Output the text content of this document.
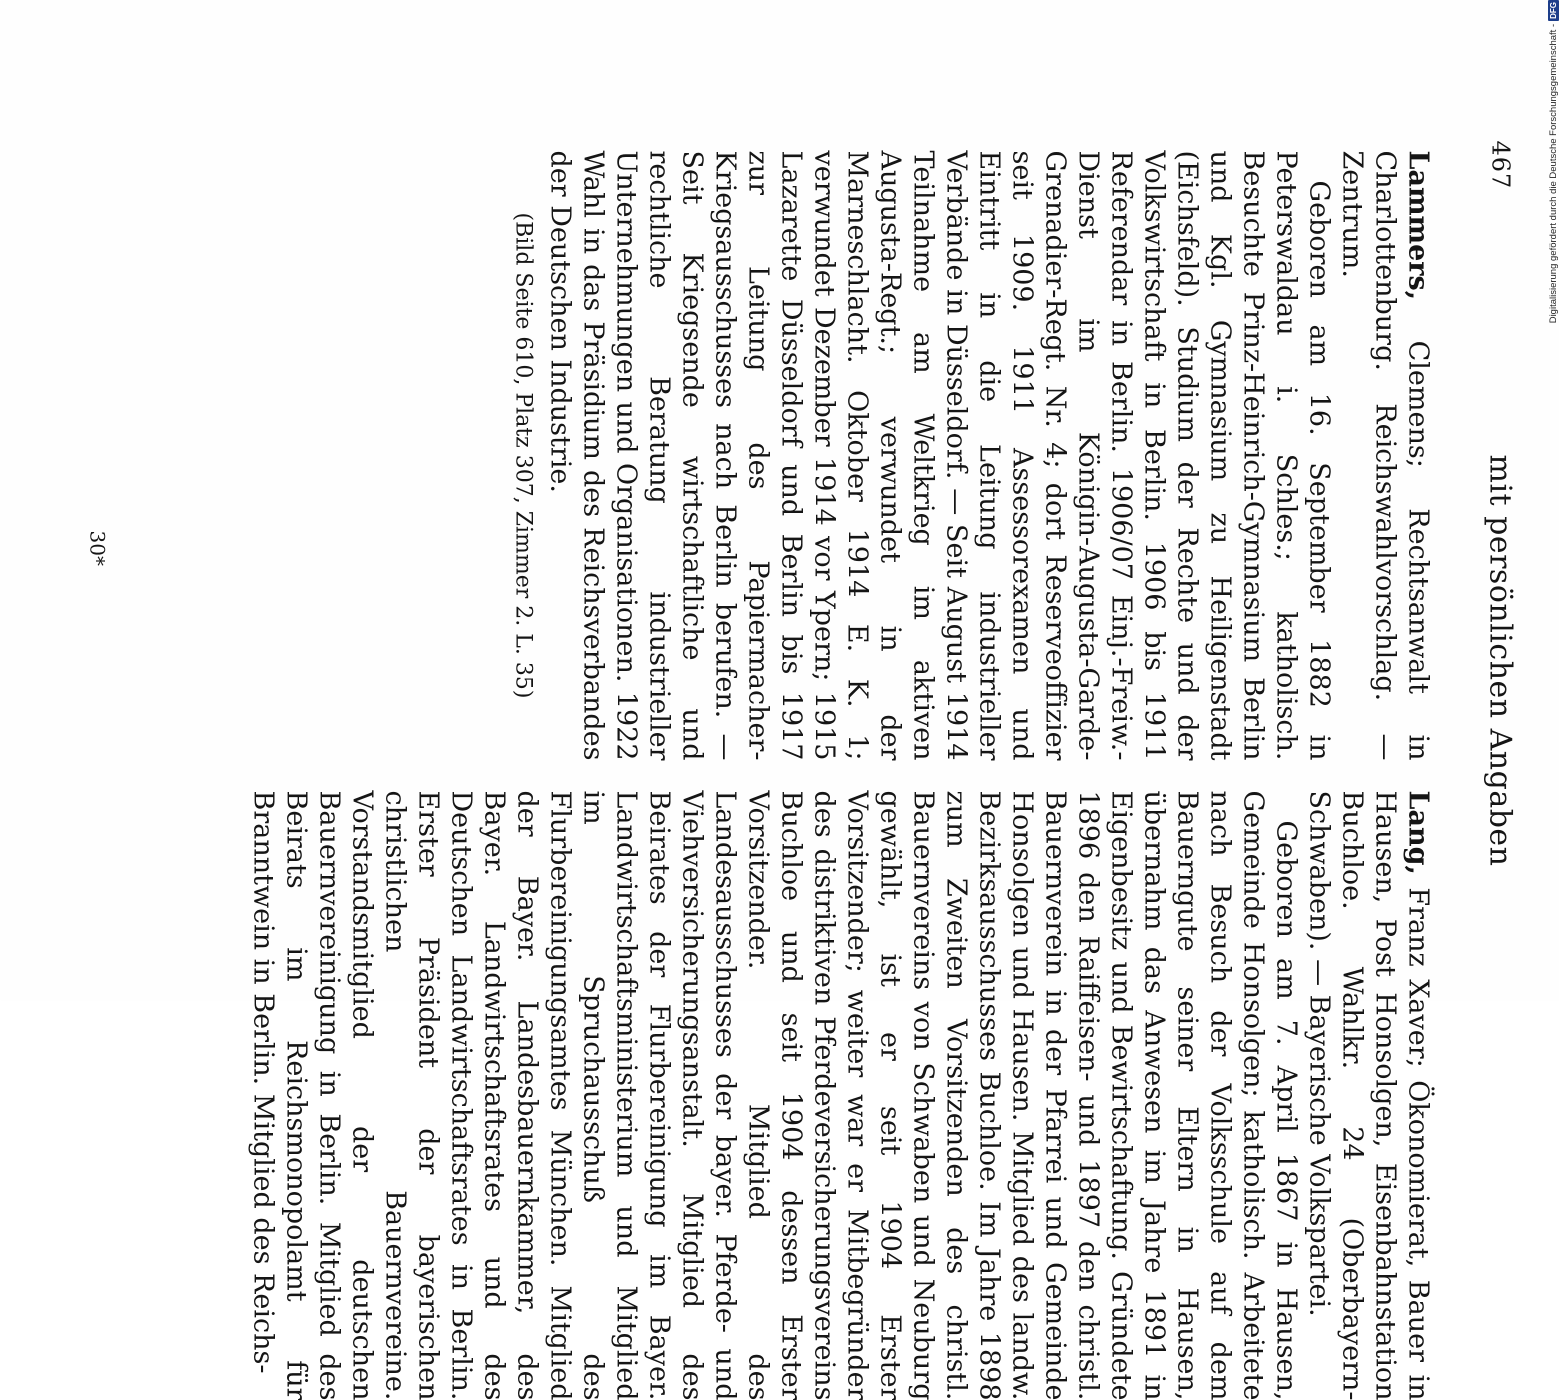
467
mit persönlichen Angaben

Lammers, Clemens; Rechtsanwalt in Charlottenburg. Reichswahlvorschlag. — Zentrum.

Geboren am 16. September 1882 in Peterswaldau i. Schles.; katholisch. Besuchte Prinz-Heinrich-Gymnasium Berlin und Kgl. Gymnasium zu Heiligenstadt (Eichsfeld). Studium der Rechte und der Volkswirtschaft in Berlin. 1906 bis 1911 Referendar in Berlin. 1906/07 Einj.-Freiw.-Dienst im Königin-Augusta-Garde-Grenadier-Regt. Nr. 4; dort Reserveoffizier seit 1909. 1911 Assessorexamen und Eintritt in die Leitung industrieller Verbände in Düsseldorf. — Seit August 1914 Teilnahme am Weltkrieg im aktiven Augusta-Regt.; verwundet in der Marneschlacht. Oktober 1914 E. K. 1; verwundet Dezember 1914 vor Ypern; 1915 Lazarette Düsseldorf und Berlin bis 1917 zur Leitung des Papiermacher-Kriegsausschusses nach Berlin berufen. — Seit Kriegsende wirtschaftliche und rechtliche Beratung industrieller Unternehmungen und Organisationen. 1922 Wahl in das Präsidium des Reichsverbandes der Deutschen Industrie.

(Bild Seite 610, Platz 307, Zimmer 2. L. 35)

Lang, Franz Xaver; Ökonomierat, Bauer in Hausen, Post Honsolgen, Eisenbahnstation Buchloe. Wahlkr. 24 (Oberbayern-Schwaben). — Bayerische Volkspartei.

Geboren am 7. April 1867 in Hausen, Gemeinde Honsolgen; katholisch. Arbeitete nach Besuch der Volksschule auf dem Bauerngute seiner Eltern in Hausen, übernahm das Anwesen im Jahre 1891 in Eigenbesitz und Bewirtschaftung. Gründete 1896 den Raiffeisen- und 1897 den christl. Bauernverein in der Pfarrei und Gemeinde Honsolgen und Hausen. Mitglied des landw. Bezirksausschusses Buchloe. Im Jahre 1898 zum Zweiten Vorsitzenden des christl. Bauernvereins von Schwaben und Neuburg gewählt, ist er seit 1904 Erster Vorsitzender; weiter war er Mitbegründer des distriktiven Pferdeversicherungsvereins Buchloe und seit 1904 dessen Erster Vorsitzender. Mitglied des Landesausschusses der bayer. Pferde- und Viehversicherungsanstalt. Mitglied des Beirates der Flurbereinigung im Bayer. Landwirtschaftsministerium und Mitglied im Spruchausschuß des Flurbereinigungsamtes München. Mitglied der Bayer. Landesbauernkammer, des Bayer. Landwirtschaftsrates und des Deutschen Landwirtschaftsrates in Berlin. Erster Präsident der bayerischen christlichen Bauernvereine. Vorstandsmitglied der deutschen Bauernvereinigung in Berlin. Mitglied des Beirats im Reichsmonopolamt für Branntwein in Berlin. Mitglied des Reichs-

30*
Digitalisierung gefördert durch die Deutsche Forschungsgemeinschaft -
DFG
